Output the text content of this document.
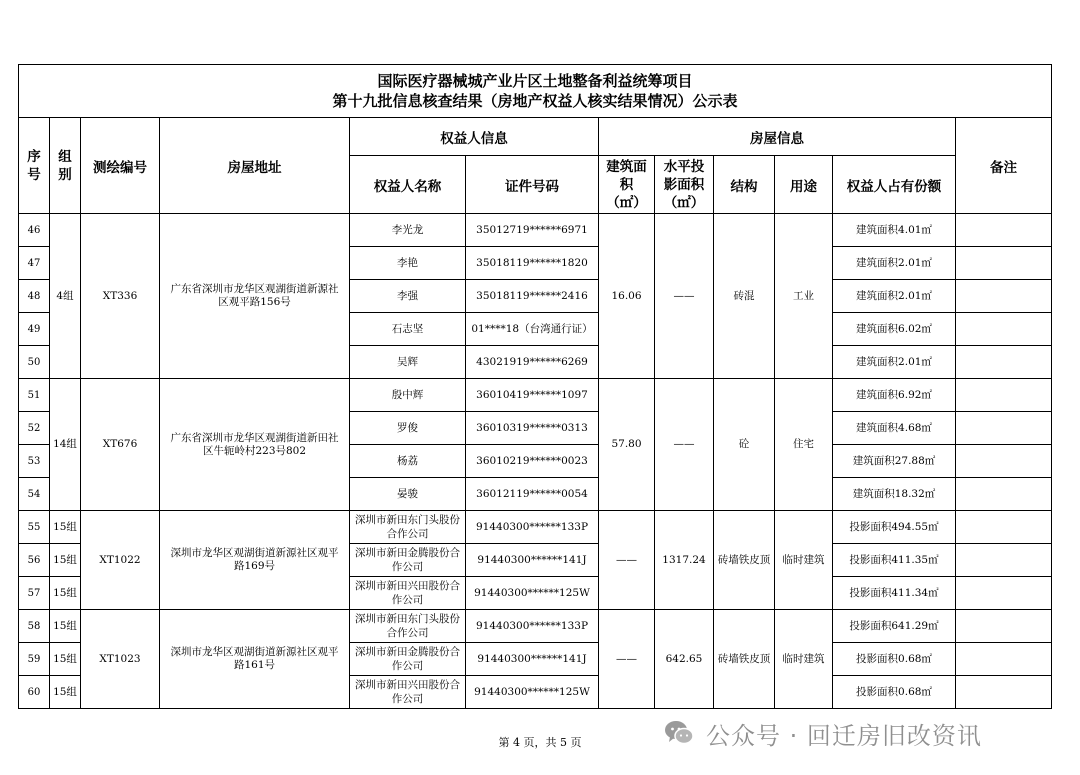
国际医疗器械城产业片区土地整备利益统筹项目
第十九批信息核查结果（房地产权益人核实结果情况）公示表											

序号	组别	测绘编号	房屋地址	权益人信息		房屋信息					备注
				权益人名称	证件号码	建筑面积（㎡）	水平投影面积（㎡）	结构	用途	权益人占有份额	
46	4组	XT336	广东省深圳市龙华区观湖街道新源社区观平路156号	李光龙	35012719******6971	16.06	——	砖混	工业	建筑面积4.01㎡	
47				李艳	35018119******1820					建筑面积2.01㎡	
48				李强	35018119******2416					建筑面积2.01㎡	
49				石志坚	01****18（台湾通行证）					建筑面积6.02㎡	
50				吴辉	43021919******6269					建筑面积2.01㎡	
51	14组	XT676	广东省深圳市龙华区观湖街道新田社区牛轭岭村223号802	殷中辉	36010419******1097	57.80	——	砼	住宅	建筑面积6.92㎡	
52				罗俊	36010319******0313					建筑面积4.68㎡	
53				杨荔	36010219******0023					建筑面积27.88㎡	
54				晏骏	36012119******0054					建筑面积18.32㎡	
55	15组	XT1022	深圳市龙华区观湖街道新源社区观平路169号	深圳市新田东门头股份合作公司	91440300******133P	——	1317.24	砖墙铁皮顶	临时建筑	投影面积494.55㎡	
56	15组			深圳市新田金腾股份合作公司	91440300******141J					投影面积411.35㎡	
57	15组			深圳市新田兴田股份合作公司	91440300******125W					投影面积411.34㎡	
58	15组	XT1023	深圳市龙华区观湖街道新源社区观平路161号	深圳市新田东门头股份合作公司	91440300******133P	——	642.65	砖墙铁皮顶	临时建筑	投影面积641.29㎡	
59	15组			深圳市新田金腾股份合作公司	91440300******141J					投影面积0.68㎡	
60	15组			深圳市新田兴田股份合作公司	91440300******125W					投影面积0.68㎡	
第 4 页，共 5 页	公众号 · 回迁房旧改资讯
